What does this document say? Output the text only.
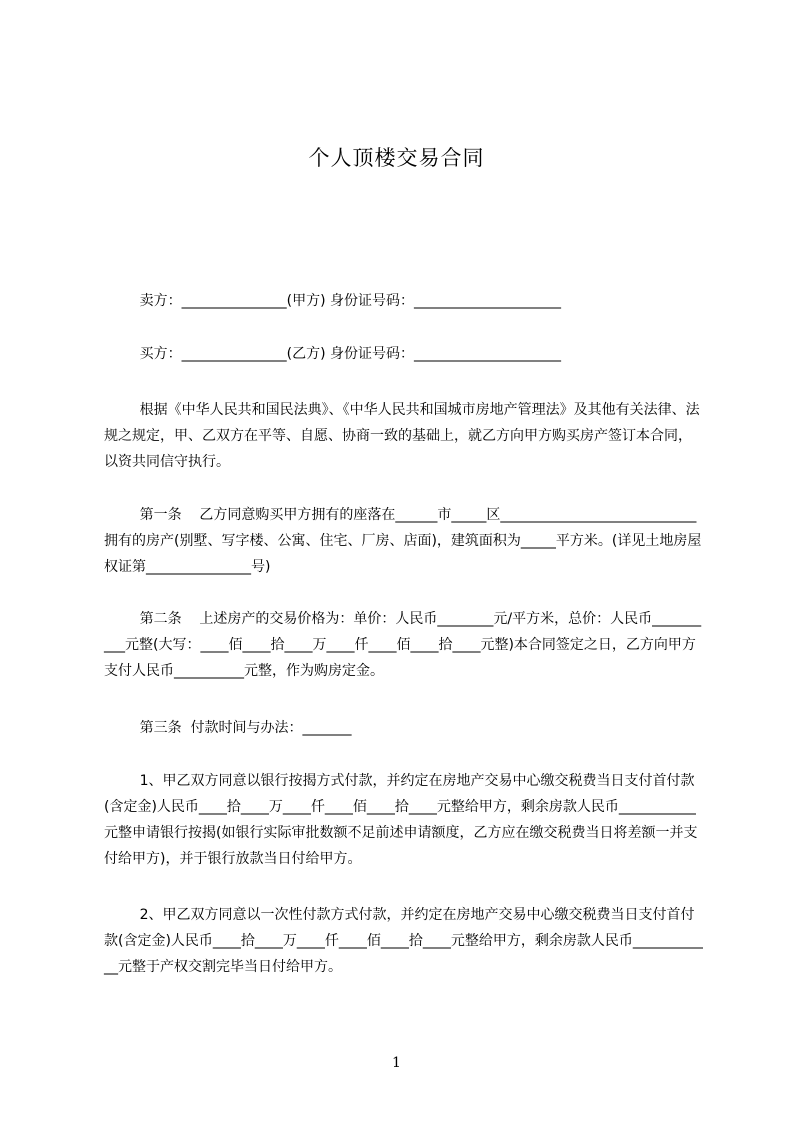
个人顶楼交易合同
卖方：_______________(甲方) 身份证号码：_____________________
买方：_______________(乙方) 身份证号码：_____________________
根据《中华人民共和国民法典》、《中华人民共和国城市房地产管理法》及其他有关法律、法规之规定，甲、乙双方在平等、自愿、协商一致的基础上，就乙方向甲方购买房产签订本合同，以资共同信守执行。
第一条    乙方同意购买甲方拥有的座落在______市_____区____________________________拥有的房产(别墅、写字楼、公寓、住宅、厂房、店面)，建筑面积为_____平方米。(详见土地房屋权证第_______________号)
第二条    上述房产的交易价格为：单价：人民币________元/平方米，总价：人民币__________元整(大写：____佰____拾____万____仟____佰____拾____元整)本合同签定之日，乙方向甲方支付人民币__________元整，作为购房定金。
第三条  付款时间与办法：_______
1、甲乙双方同意以银行按揭方式付款，并约定在房地产交易中心缴交税费当日支付首付款(含定金)人民币____拾____万____仟____佰____拾____元整给甲方，剩余房款人民币___________元整申请银行按揭(如银行实际审批数额不足前述申请额度，乙方应在缴交税费当日将差额一并支付给甲方)，并于银行放款当日付给甲方。
2、甲乙双方同意以一次性付款方式付款，并约定在房地产交易中心缴交税费当日支付首付款(含定金)人民币____拾____万____仟____佰____拾____元整给甲方，剩余房款人民币____________元整于产权交割完毕当日付给甲方。
1
